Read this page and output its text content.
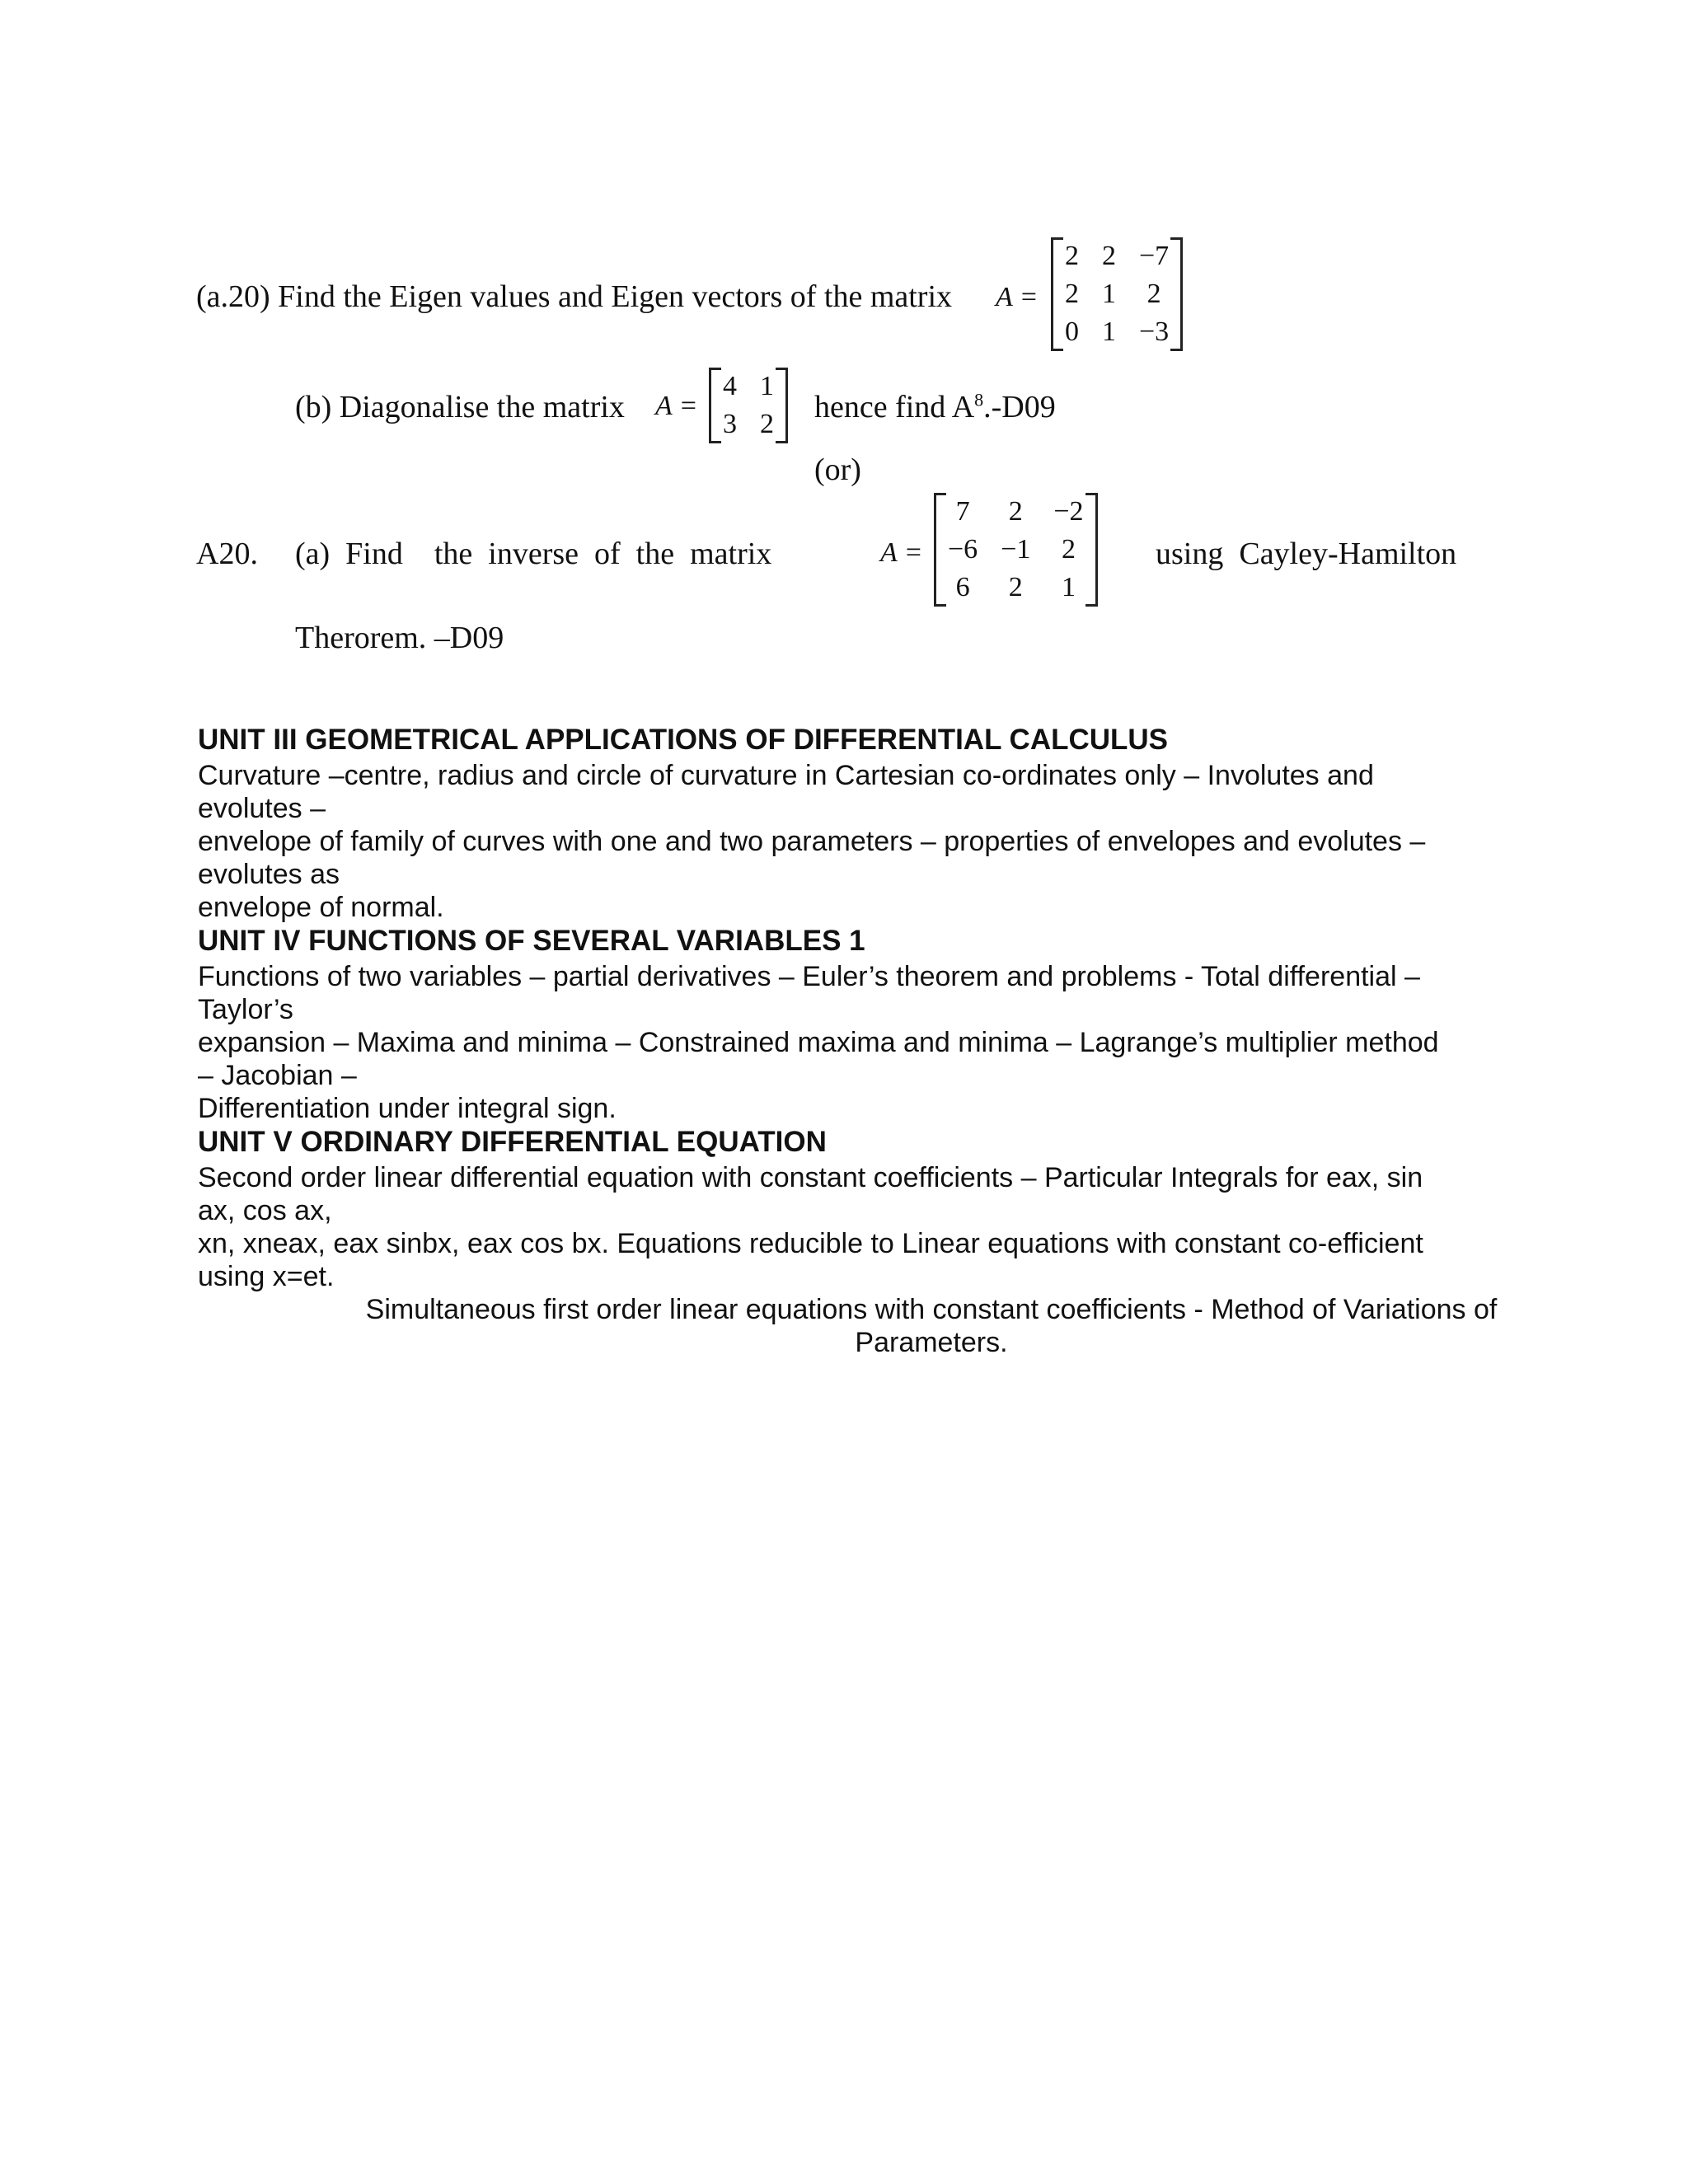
(a.20) Find the Eigen values and Eigen vectors of the matrix A =
2	2	−7
2	1	2
0	1	−3
(b) Diagonalise the matrix A =
4	1
3	2 hence find $A^8.-D09$
(or)
A20. (a)  Find    the  inverse  of  the  matrix	A =
7	2	−2
−6	−1	2
6	2	1
using  Cayley-Hamilton
Therorem. –D09
UNIT III GEOMETRICAL APPLICATIONS OF DIFFERENTIAL CALCULUS
Curvature –centre, radius and circle of curvature in Cartesian co-ordinates only – Involutes and
evolutes –
envelope of family of curves with one and two parameters – properties of envelopes and evolutes –
evolutes as
envelope of normal.
UNIT IV FUNCTIONS OF SEVERAL VARIABLES 1
Functions of two variables – partial derivatives – Euler’s theorem and problems - Total differential –
Taylor’s
expansion – Maxima and minima – Constrained maxima and minima – Lagrange’s multiplier method
– Jacobian –
Differentiation under integral sign.
UNIT V ORDINARY DIFFERENTIAL EQUATION
Second order linear differential equation with constant coefficients – Particular Integrals for eax, sin
ax, cos ax,
xn, xneax, eax sinbx, eax cos bx. Equations reducible to Linear equations with constant co-efficient
using x=et.
Simultaneous first order linear equations with constant coefficients - Method of Variations of
Parameters.
